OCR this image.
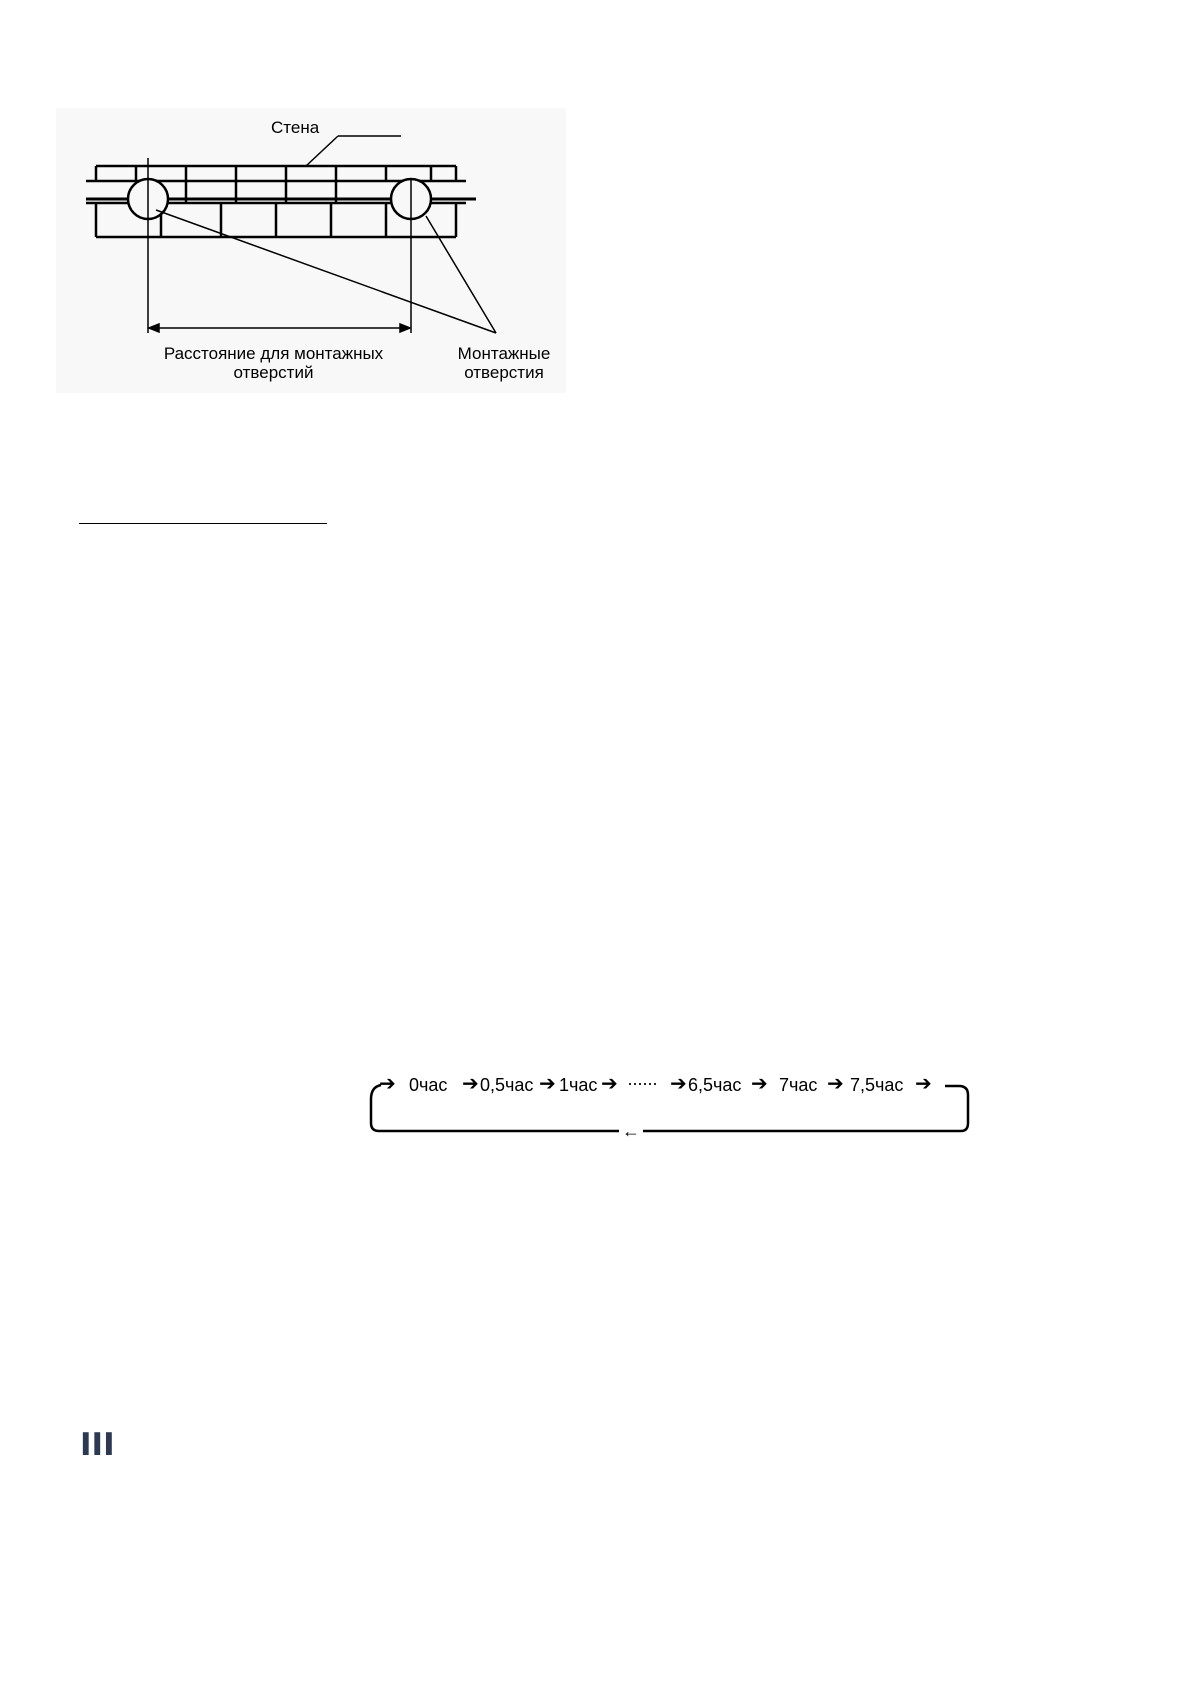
Стена
Расстояние для монтажных
отверстий
Монтажные
отверстия
➔ 0час ➔ 0,5час ➔ 1час ➔ ······ ➔ 6,5час ➔ 7час ➔ 7,5час ➔
←
III
